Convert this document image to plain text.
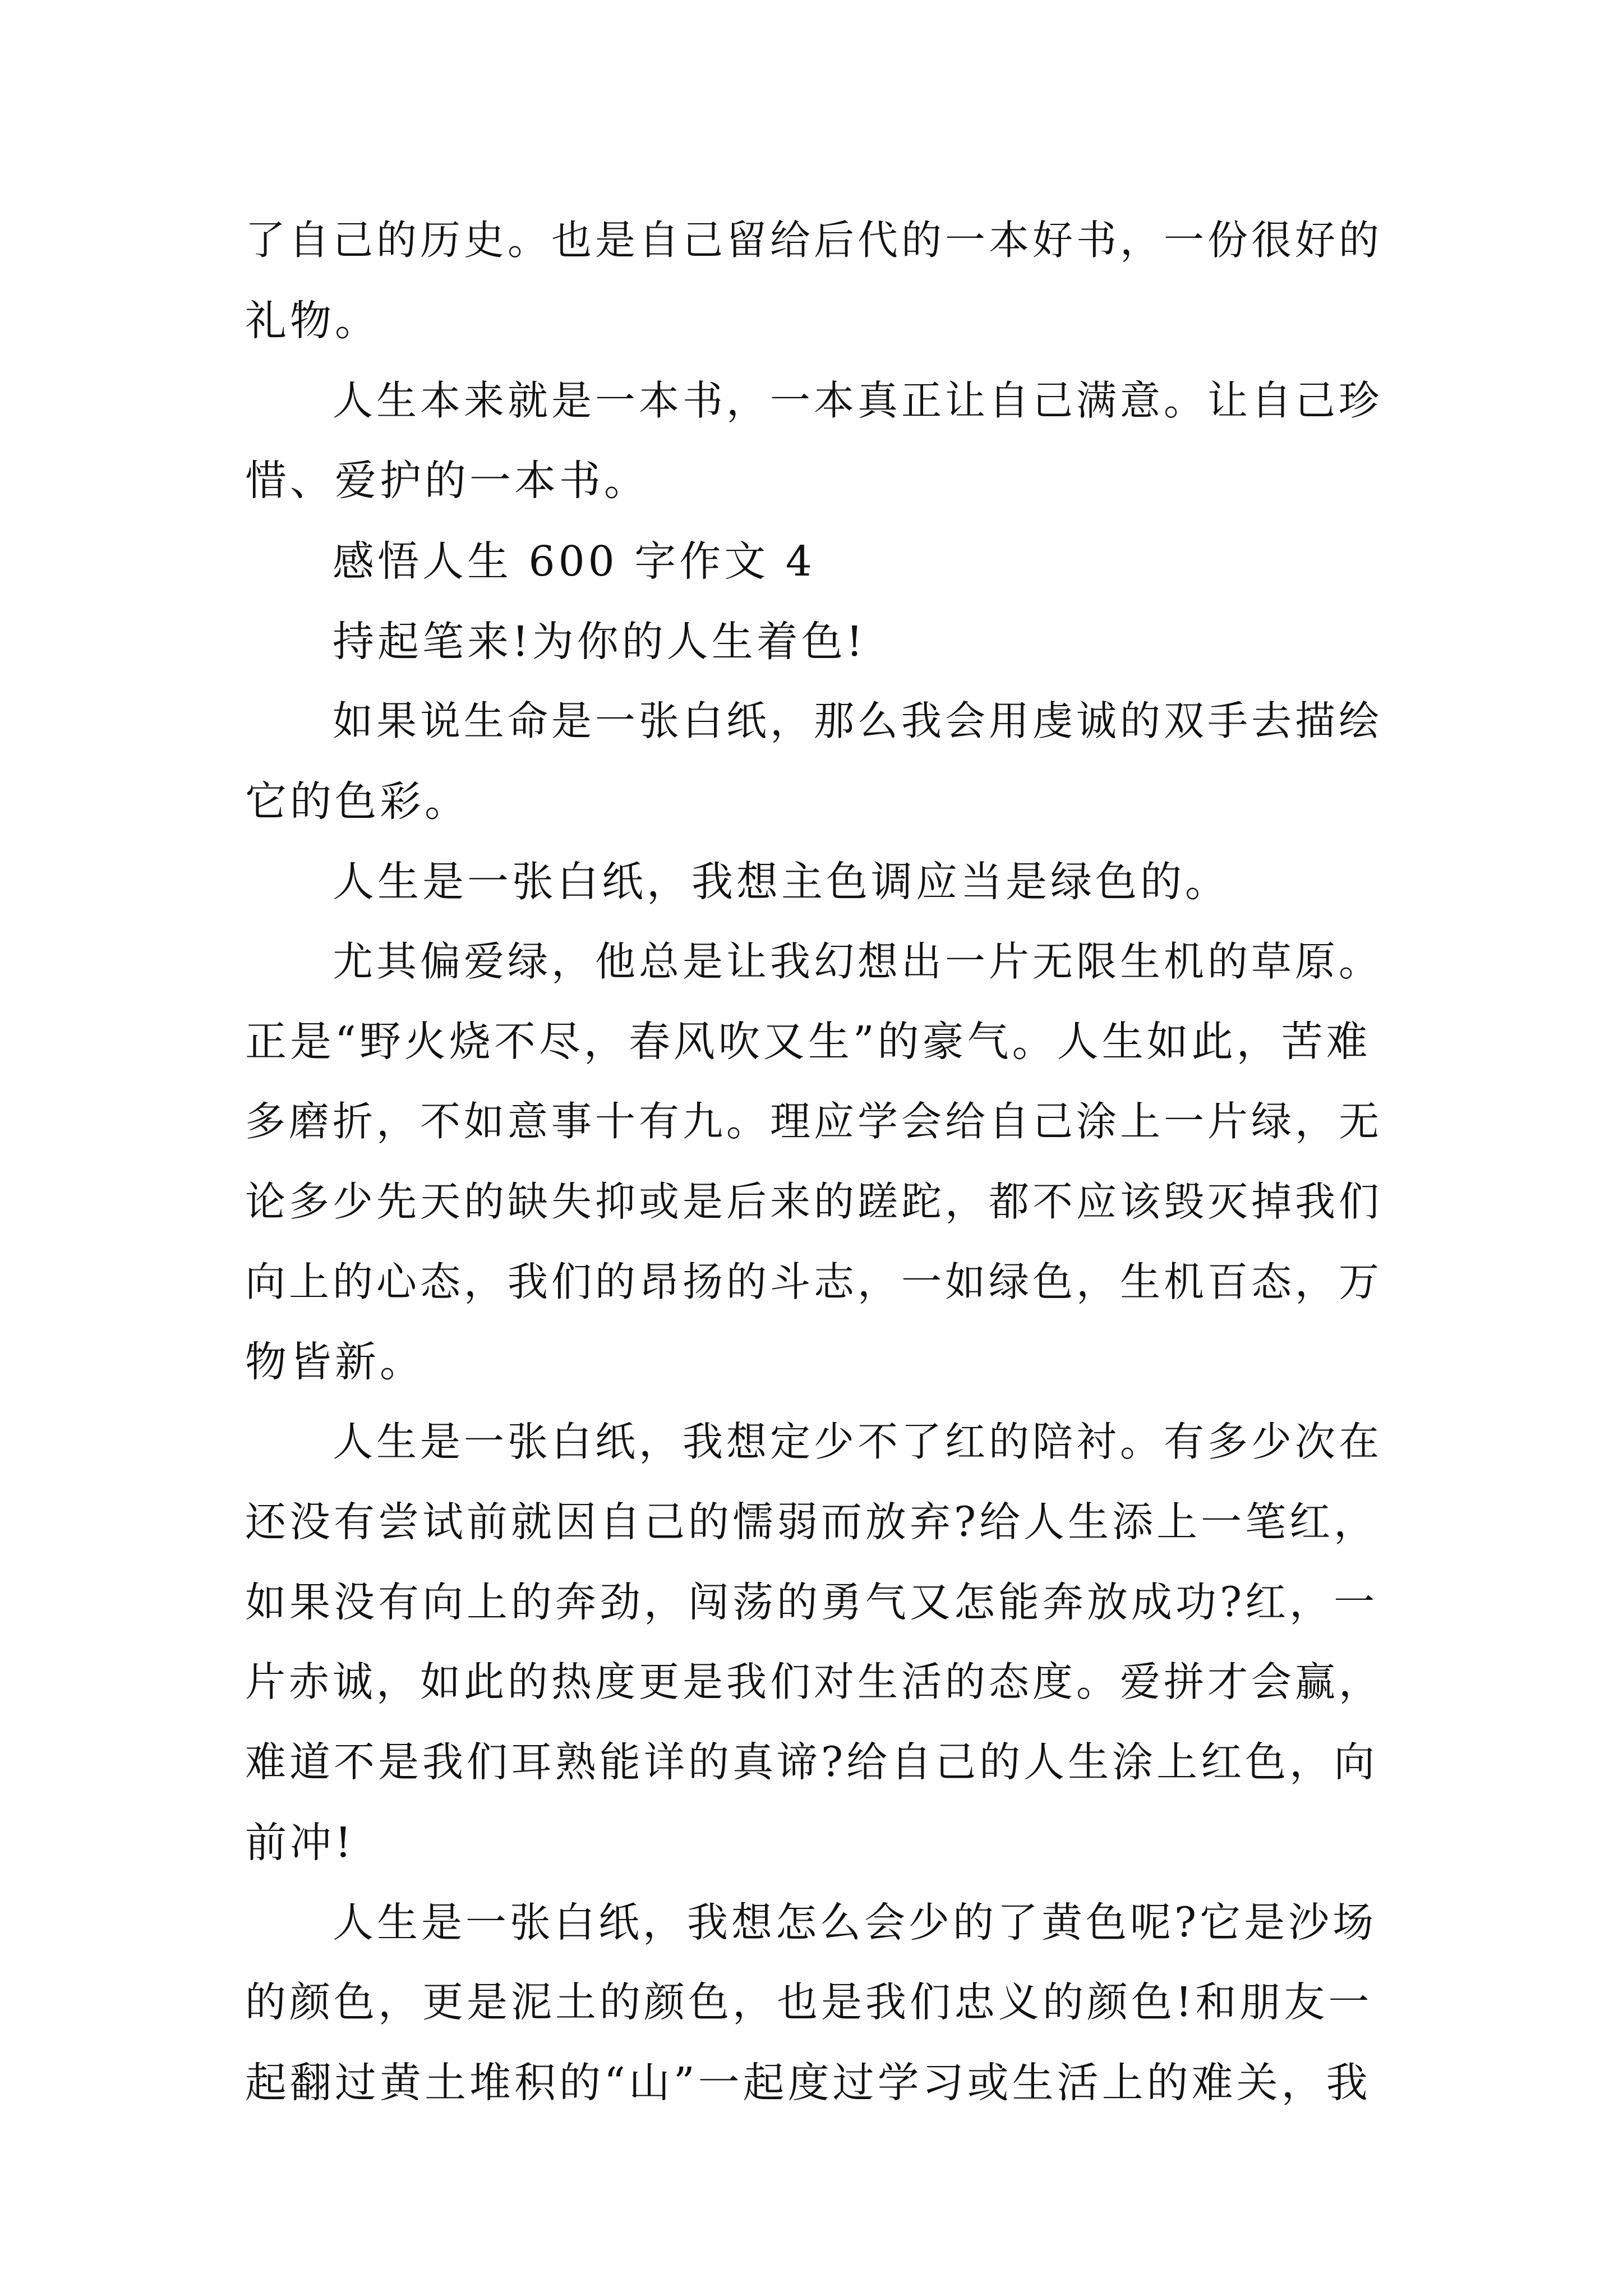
了自己的历史。也是自己留给后代的一本好书，一份很好的
礼物。
人生本来就是一本书，一本真正让自己满意。让自己珍
惜、爱护的一本书。
感悟人生 600 字作文 4
持起笔来!为你的人生着色!
如果说生命是一张白纸，那么我会用虔诚的双手去描绘
它的色彩。
人生是一张白纸，我想主色调应当是绿色的。
尤其偏爱绿，他总是让我幻想出一片无限生机的草原。
正是“野火烧不尽，春风吹又生”的豪气。人生如此，苦难
多磨折，不如意事十有九。理应学会给自己涂上一片绿，无
论多少先天的缺失抑或是后来的蹉跎，都不应该毁灭掉我们
向上的心态，我们的昂扬的斗志，一如绿色，生机百态，万
物皆新。
人生是一张白纸，我想定少不了红的陪衬。有多少次在
还没有尝试前就因自己的懦弱而放弃?给人生添上一笔红，
如果没有向上的奔劲，闯荡的勇气又怎能奔放成功?红，一
片赤诚，如此的热度更是我们对生活的态度。爱拼才会赢，
难道不是我们耳熟能详的真谛?给自己的人生涂上红色，向
前冲!
人生是一张白纸，我想怎么会少的了黄色呢?它是沙场
的颜色，更是泥土的颜色，也是我们忠义的颜色!和朋友一
起翻过黄土堆积的“山”一起度过学习或生活上的难关，我
